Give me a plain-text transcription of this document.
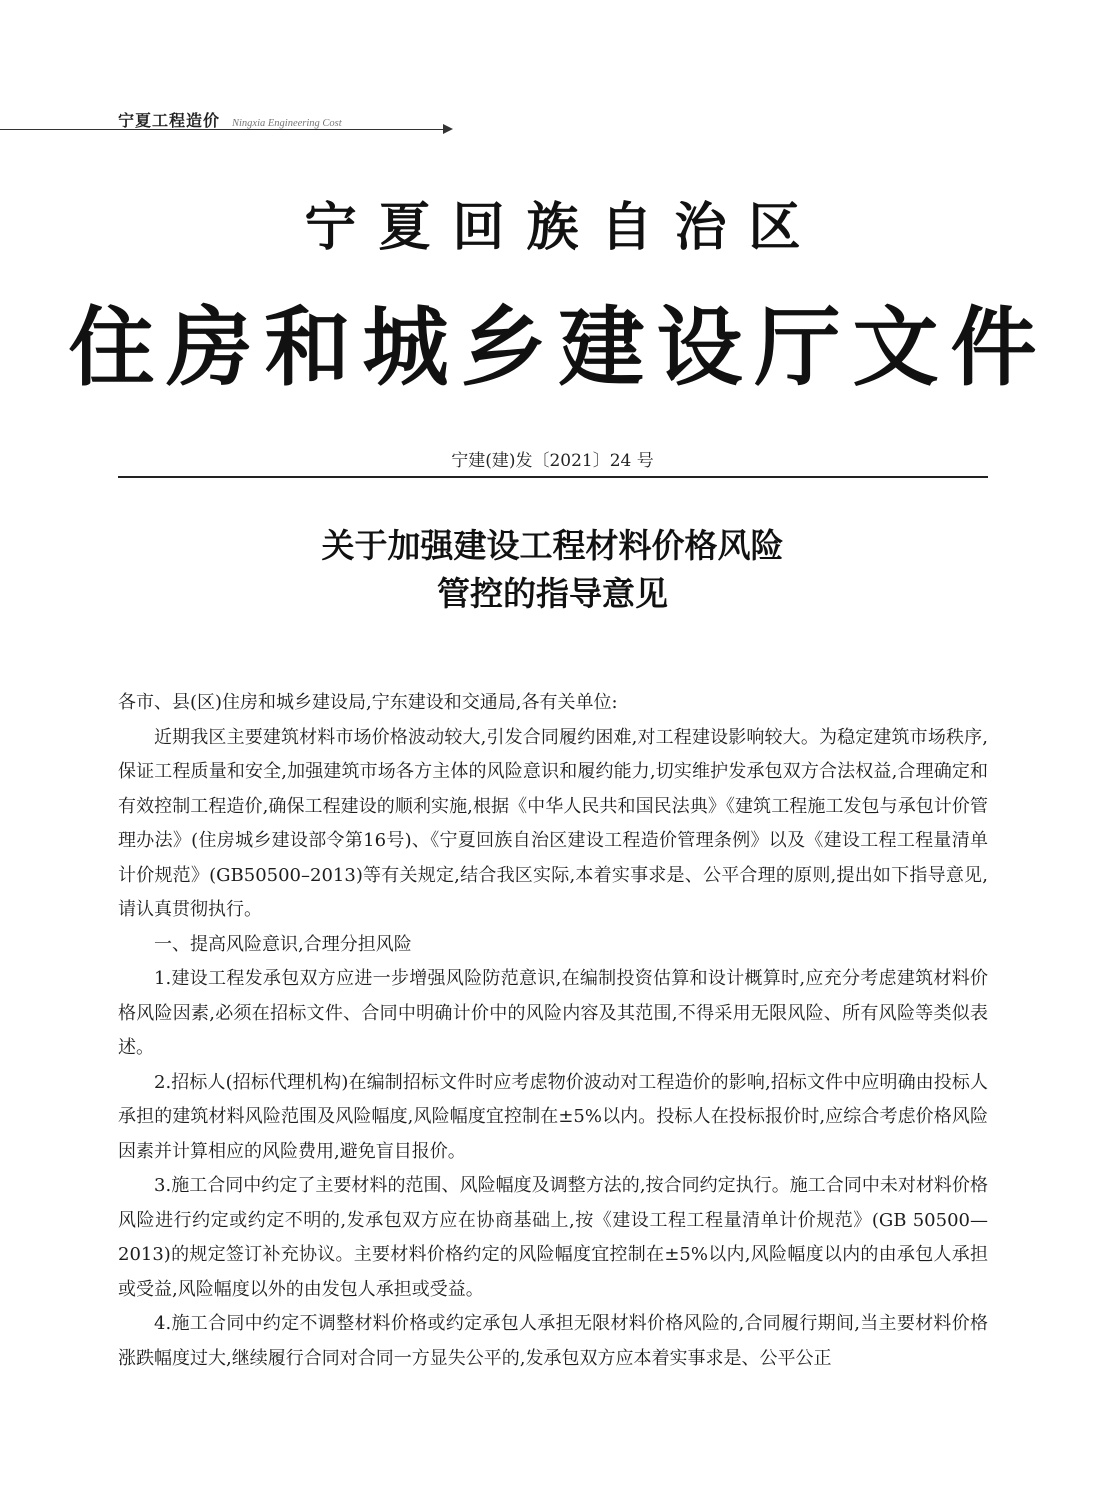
宁夏工程造价 Ningxia Engineering Cost
宁夏回族自治区
住房和城乡建设厅文件
宁建(建)发〔2021〕24 号
关于加强建设工程材料价格风险
管控的指导意见

各市、县(区)住房和城乡建设局,宁东建设和交通局,各有关单位:

近期我区主要建筑材料市场价格波动较大,引发合同履约困难,对工程建设影响较大。为稳定建筑市场秩序,保证工程质量和安全,加强建筑市场各方主体的风险意识和履约能力,切实维护发承包双方合法权益,合理确定和有效控制工程造价,确保工程建设的顺利实施,根据《中华人民共和国民法典》《建筑工程施工发包与承包计价管理办法》(住房城乡建设部令第16号)、《宁夏回族自治区建设工程造价管理条例》以及《建设工程工程量清单计价规范》(GB50500–2013)等有关规定,结合我区实际,本着实事求是、公平合理的原则,提出如下指导意见,请认真贯彻执行。

一、提高风险意识,合理分担风险

1.建设工程发承包双方应进一步增强风险防范意识,在编制投资估算和设计概算时,应充分考虑建筑材料价格风险因素,必须在招标文件、合同中明确计价中的风险内容及其范围,不得采用无限风险、所有风险等类似表述。

2.招标人(招标代理机构)在编制招标文件时应考虑物价波动对工程造价的影响,招标文件中应明确由投标人承担的建筑材料风险范围及风险幅度,风险幅度宜控制在±5%以内。投标人在投标报价时,应综合考虑价格风险因素并计算相应的风险费用,避免盲目报价。

3.施工合同中约定了主要材料的范围、风险幅度及调整方法的,按合同约定执行。施工合同中未对材料价格风险进行约定或约定不明的,发承包双方应在协商基础上,按《建设工程工程量清单计价规范》(GB 50500—2013)的规定签订补充协议。主要材料价格约定的风险幅度宜控制在±5%以内,风险幅度以内的由承包人承担或受益,风险幅度以外的由发包人承担或受益。

4.施工合同中约定不调整材料价格或约定承包人承担无限材料价格风险的,合同履行期间,当主要材料价格涨跌幅度过大,继续履行合同对合同一方显失公平的,发承包双方应本着实事求是、公平公正
